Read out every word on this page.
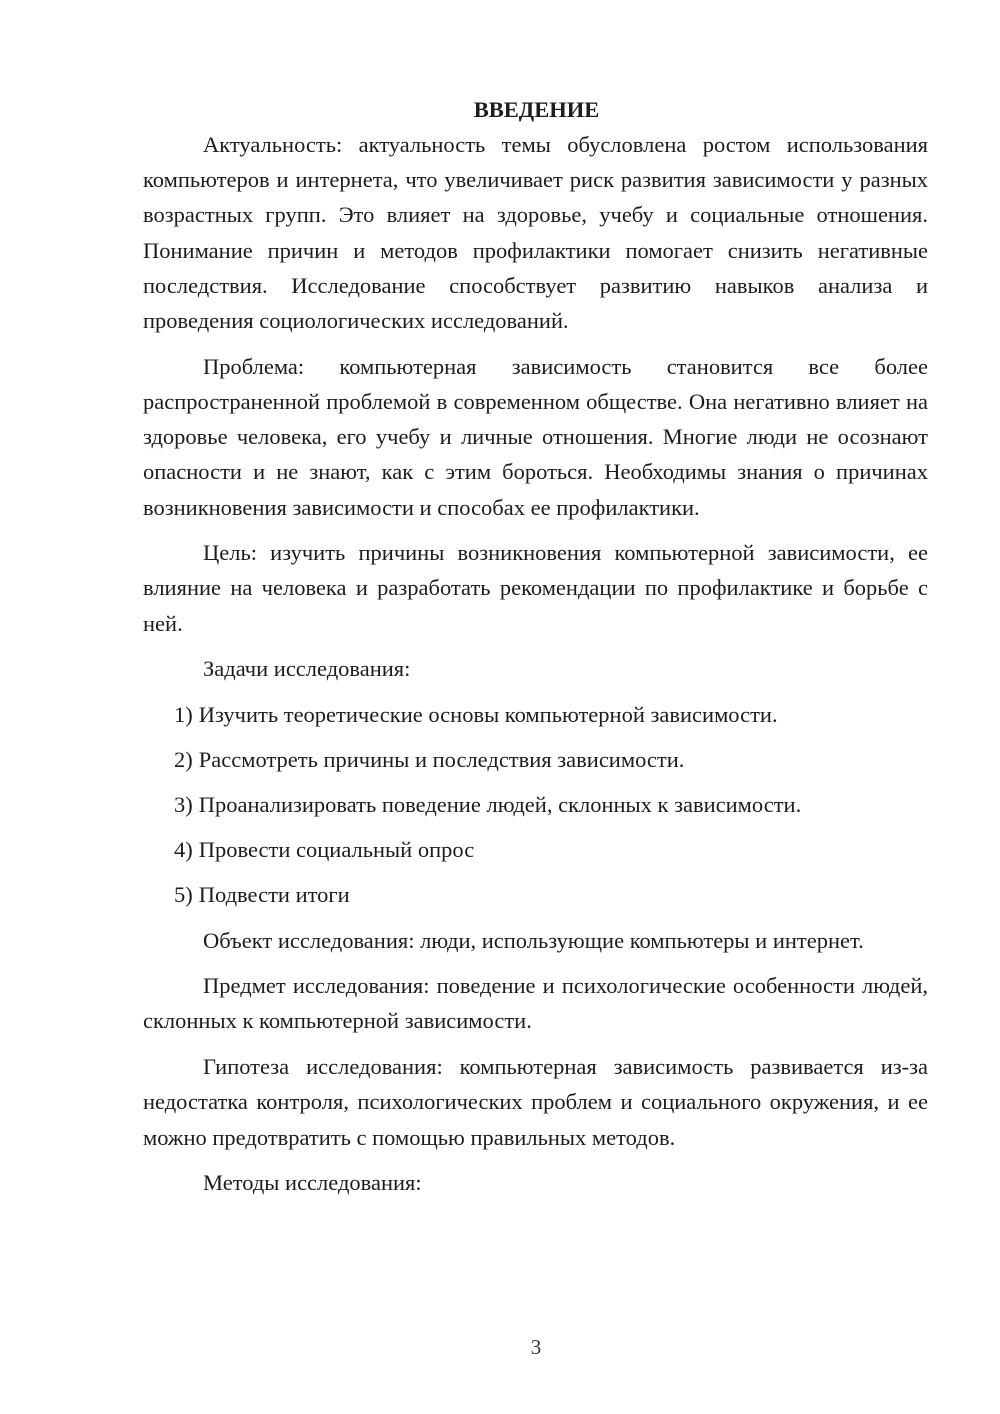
ВВЕДЕНИЕ

Актуальность: актуальность темы обусловлена ростом использования компьютеров и интернета, что увеличивает риск развития зависимости у разных возрастных групп. Это влияет на здоровье, учебу и социальные отношения. Понимание причин и методов профилактики помогает снизить негативные последствия. Исследование способствует развитию навыков анализа и проведения социологических исследований.

Проблема: компьютерная зависимость становится все более распространенной проблемой в современном обществе. Она негативно влияет на здоровье человека, его учебу и личные отношения. Многие люди не осознают опасности и не знают, как с этим бороться. Необходимы знания о причинах возникновения зависимости и способах ее профилактики.

Цель: изучить причины возникновения компьютерной зависимости, ее влияние на человека и разработать рекомендации по профилактике и борьбе с ней.

Задачи исследования:

1) Изучить теоретические основы компьютерной зависимости.
2) Рассмотреть причины и последствия зависимости.
3) Проанализировать поведение людей, склонных к зависимости.
4) Провести социальный опрос
5) Подвести итоги

Объект исследования: люди, использующие компьютеры и интернет.

Предмет исследования: поведение и психологические особенности людей, склонных к компьютерной зависимости.

Гипотеза исследования: компьютерная зависимость развивается из-за недостатка контроля, психологических проблем и социального окружения, и ее можно предотвратить с помощью правильных методов.

Методы исследования:

3
